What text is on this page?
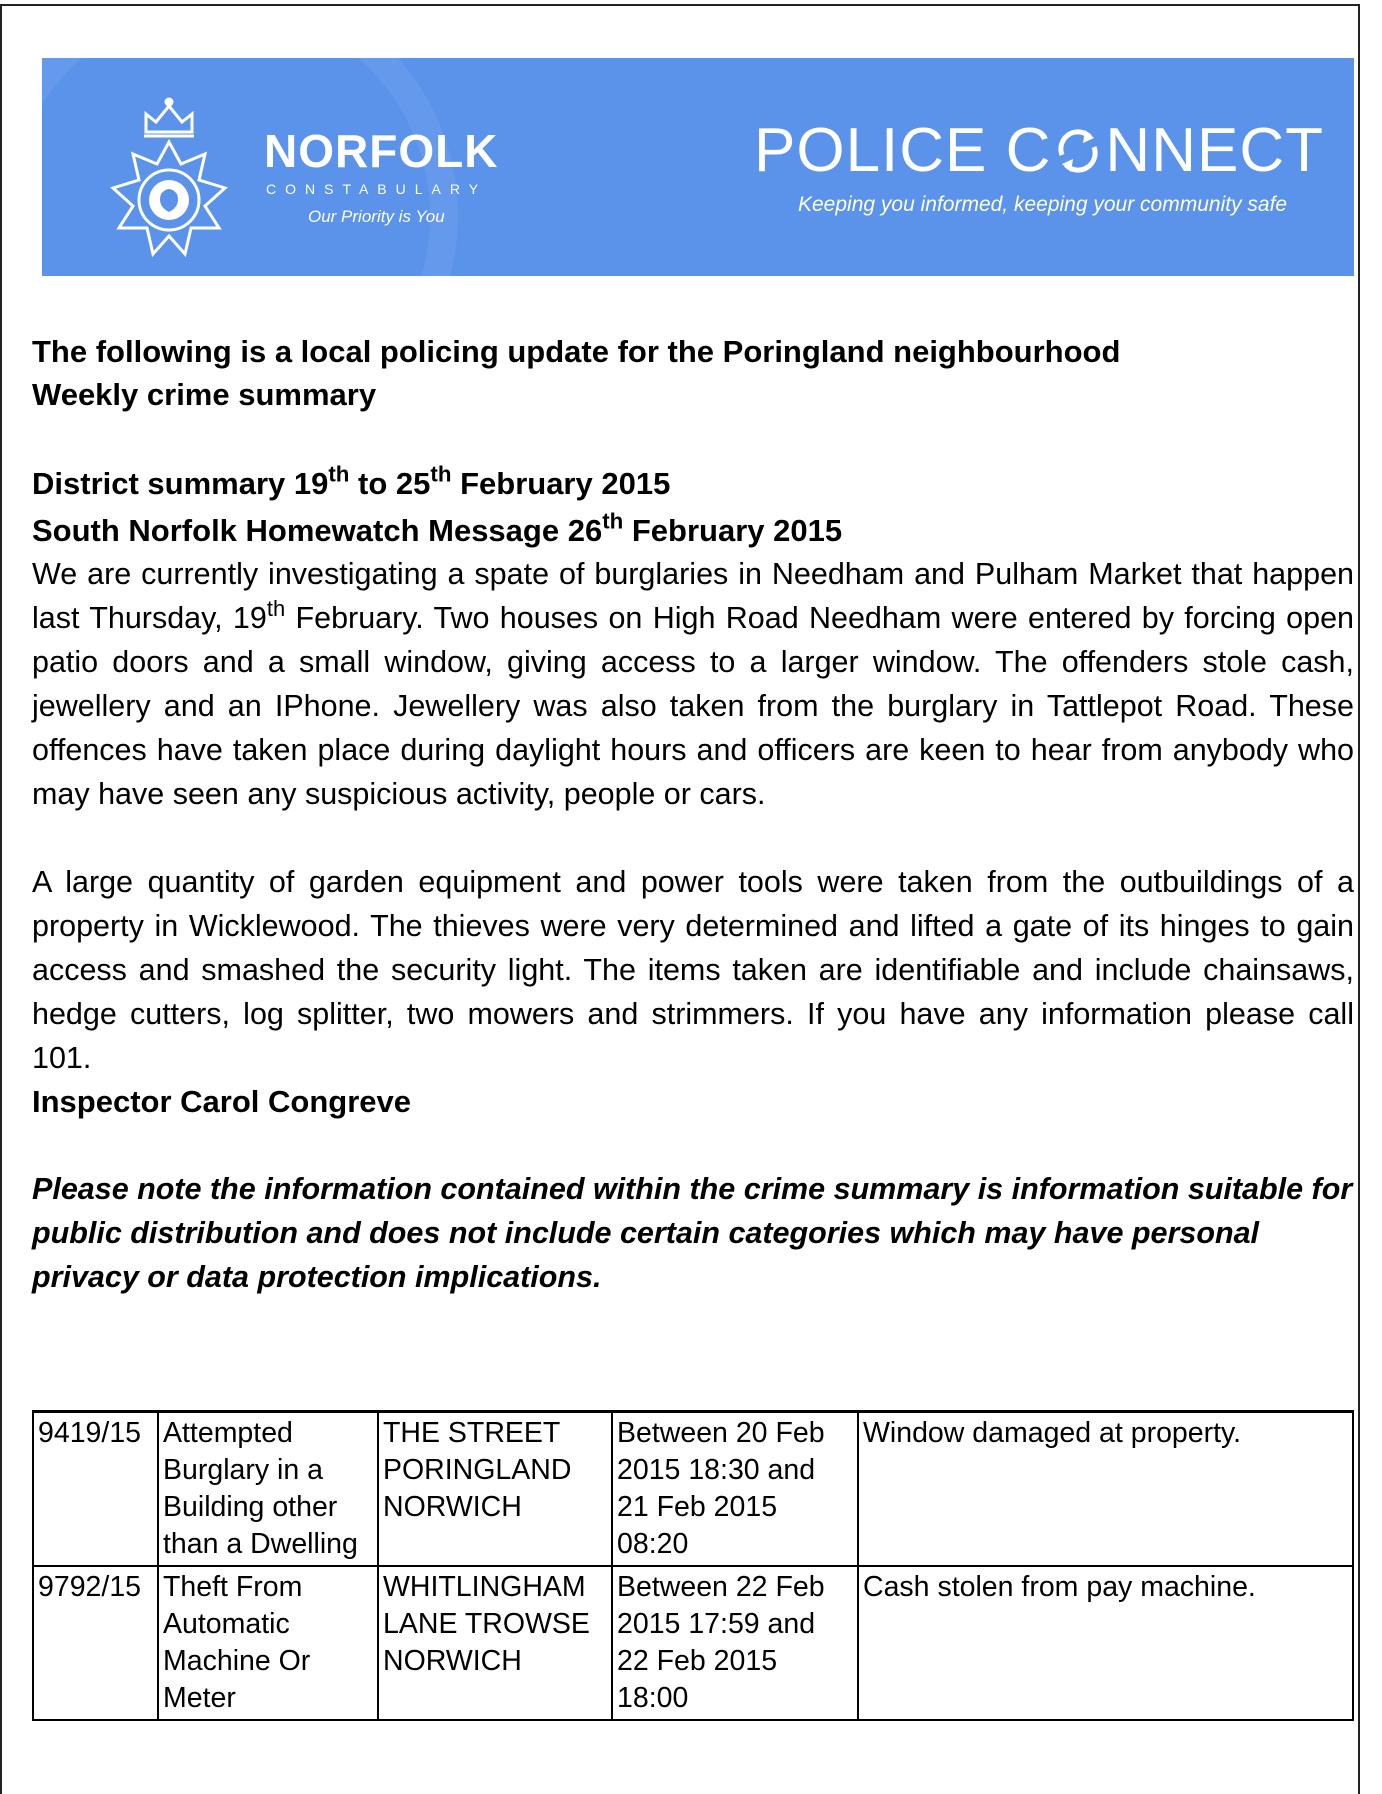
NORFOLK
CONSTABULARY
Our Priority is You
POLICE C NNECT
Keeping you informed, keeping your community safe

The following is a local policing update for the Poringland neighbourhood

Weekly crime summary

District summary 19th to 25th February 2015

South Norfolk Homewatch Message 26th February 2015

We are currently investigating a spate of burglaries in Needham and Pulham Market that happen last Thursday, 19th February. Two houses on High Road Needham were entered by forcing open patio doors and a small window, giving access to a larger window. The offenders stole cash, jewellery and an IPhone. Jewellery was also taken from the burglary in Tattlepot Road. These offences have taken place during daylight hours and officers are keen to hear from anybody who may have seen any suspicious activity, people or cars.

A large quantity of garden equipment and power tools were taken from the outbuildings of a property in Wicklewood. The thieves were very determined and lifted a gate of its hinges to gain access and smashed the security light. The items taken are identifiable and include chainsaws, hedge cutters, log splitter, two mowers and strimmers. If you have any information please call 101.

Inspector Carol Congreve

Please note the information contained within the crime summary is information suitable for public distribution and does not include certain categories which may have personal privacy or data protection implications.

9419/15	Attempted Burglary in a Building other than a Dwelling	THE STREET PORINGLAND NORWICH	Between 20 Feb 2015 18:30 and 21 Feb 2015 08:20	Window damaged at property.
9792/15	Theft From Automatic Machine Or Meter	WHITLINGHAM LANE TROWSE NORWICH	Between 22 Feb 2015 17:59 and 22 Feb 2015 18:00	Cash stolen from pay machine.
